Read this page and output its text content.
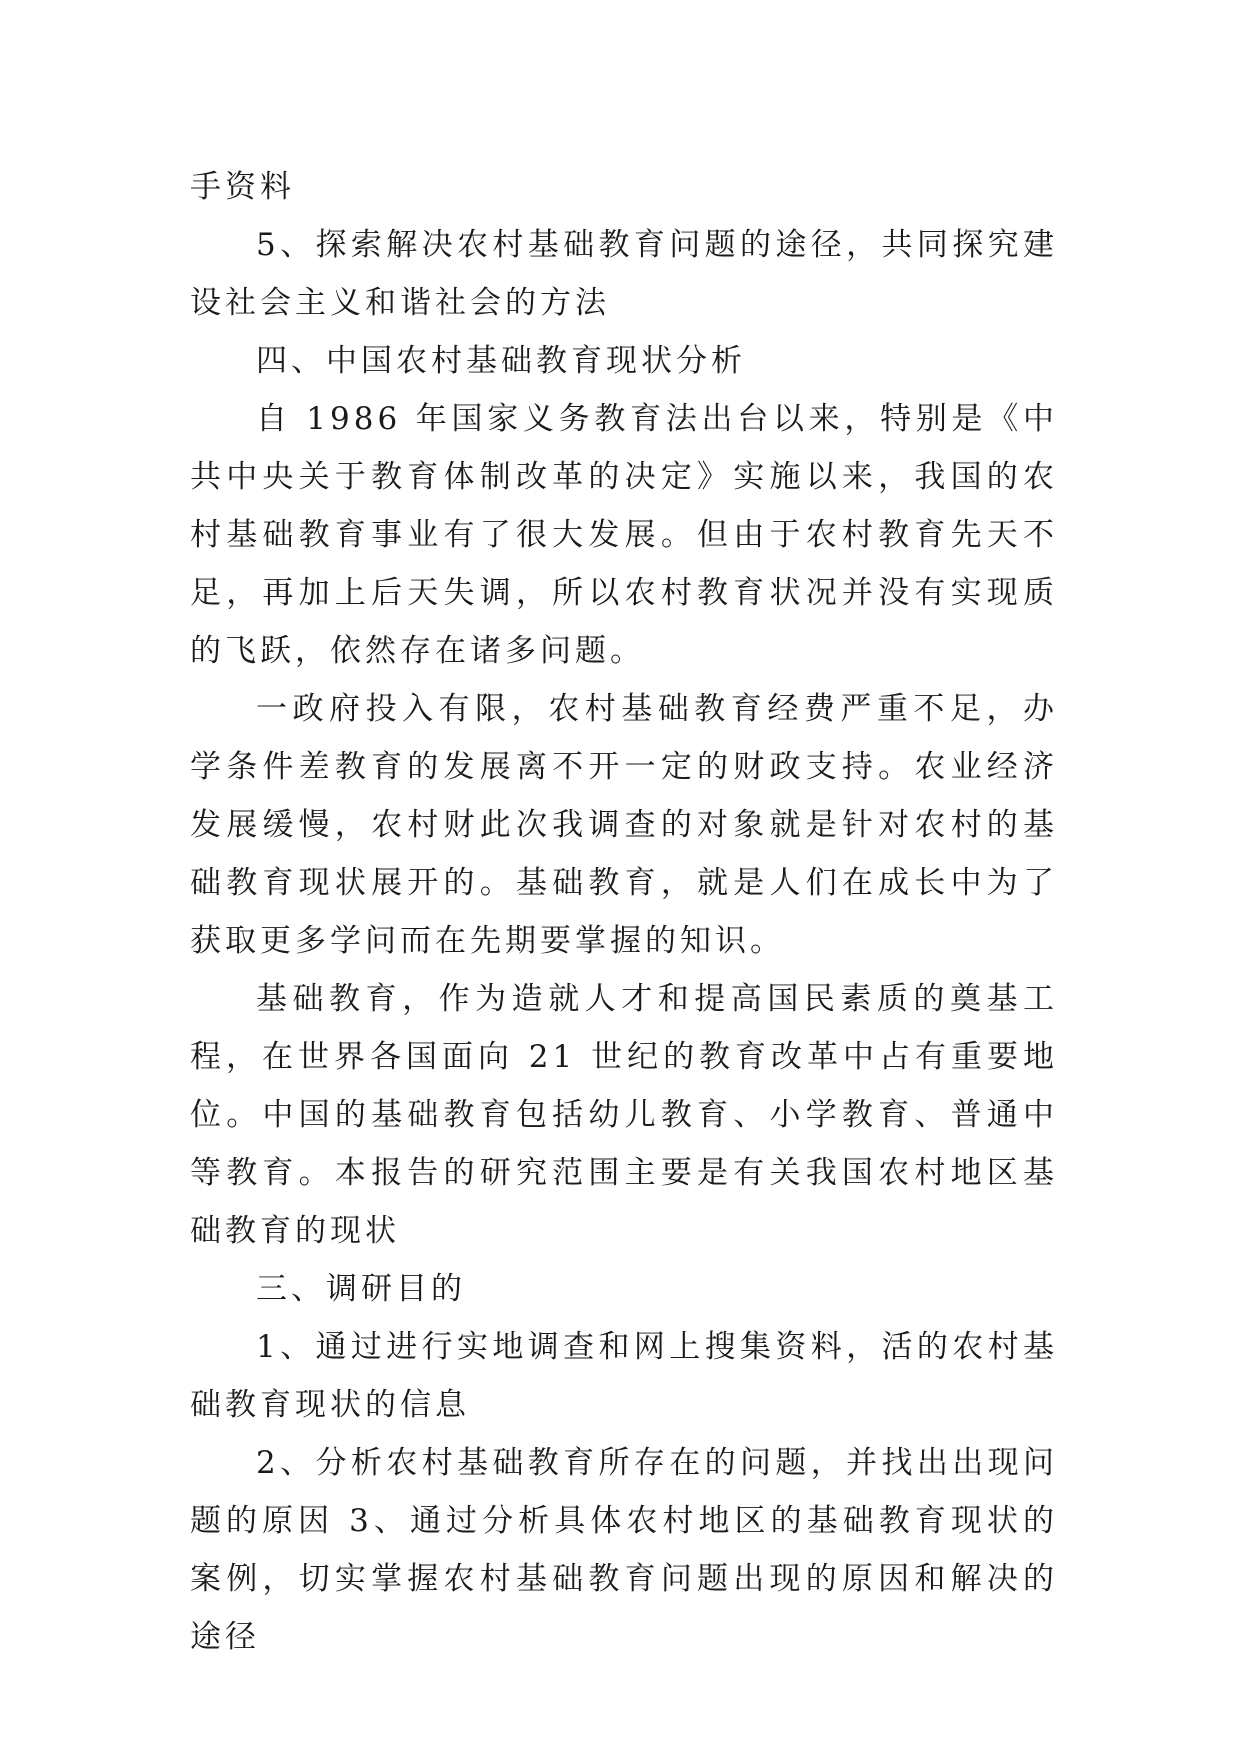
手资料

5、探索解决农村基础教育问题的途径，共同探究建设社会主义和谐社会的方法

四、中国农村基础教育现状分析

自 1986 年国家义务教育法出台以来，特别是《中共中央关于教育体制改革的决定》实施以来，我国的农村基础教育事业有了很大发展。但由于农村教育先天不足，再加上后天失调，所以农村教育状况并没有实现质的飞跃，依然存在诸多问题。

一政府投入有限，农村基础教育经费严重不足，办学条件差教育的发展离不开一定的财政支持。农业经济发展缓慢，农村财此次我调查的对象就是针对农村的基础教育现状展开的。基础教育，就是人们在成长中为了获取更多学问而在先期要掌握的知识。

基础教育，作为造就人才和提高国民素质的奠基工程，在世界各国面向 21 世纪的教育改革中占有重要地位。中国的基础教育包括幼儿教育、小学教育、普通中等教育。本报告的研究范围主要是有关我国农村地区基础教育的现状

三、调研目的

1、通过进行实地调查和网上搜集资料，活的农村基础教育现状的信息

2、分析农村基础教育所存在的问题，并找出出现问题的原因 3、通过分析具体农村地区的基础教育现状的案例，切实掌握农村基础教育问题出现的原因和解决的途径
